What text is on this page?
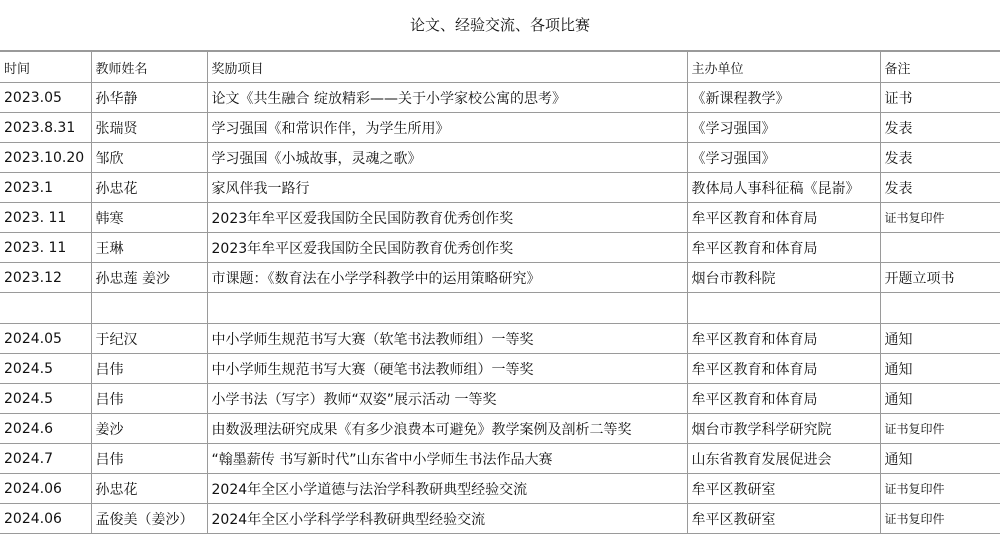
论文、经验交流、各项比赛
时间	教师姓名	奖励项目	主办单位	备注
2023.05	孙华静	论文《共生融合 绽放精彩——关于小学家校公寓的思考》	《新课程教学》	证书
2023.8.31	张瑞贤	学习强国《和常识作伴，为学生所用》	《学习强国》	发表
2023.10.20	邹欣	学习强国《小城故事，灵魂之歌》	《学习强国》	发表
2023.1	孙忠花	家风伴我一路行	教体局人事科征稿《昆嵛》	发表
2023. 11	韩寒	2023年牟平区爱我国防全民国防教育优秀创作奖	牟平区教育和体育局	证书复印件
2023. 11	王琳	2023年牟平区爱我国防全民国防教育优秀创作奖	牟平区教育和体育局	
2023.12	孙忠莲 姜沙	市课题：《数育法在小学学科教学中的运用策略研究》	烟台市教科院	开题立项书

2024.05	于纪汉	中小学师生规范书写大赛（软笔书法教师组）一等奖	牟平区教育和体育局	通知
2024.5	吕伟	中小学师生规范书写大赛（硬笔书法教师组）一等奖	牟平区教育和体育局	通知
2024.5	吕伟	小学书法（写字）教师“双姿”展示活动 一等奖	牟平区教育和体育局	通知
2024.6	姜沙	由数汲理法研究成果《有多少浪费本可避免》教学案例及剖析二等奖	烟台市教学科学研究院	证书复印件
2024.7	吕伟	“翰墨薪传 书写新时代”山东省中小学师生书法作品大赛	山东省教育发展促进会	通知
2024.06	孙忠花	2024年全区小学道德与法治学科教研典型经验交流	牟平区教研室	证书复印件
2024.06	孟俊美（姜沙）	2024年全区小学科学学科教研典型经验交流	牟平区教研室	证书复印件
